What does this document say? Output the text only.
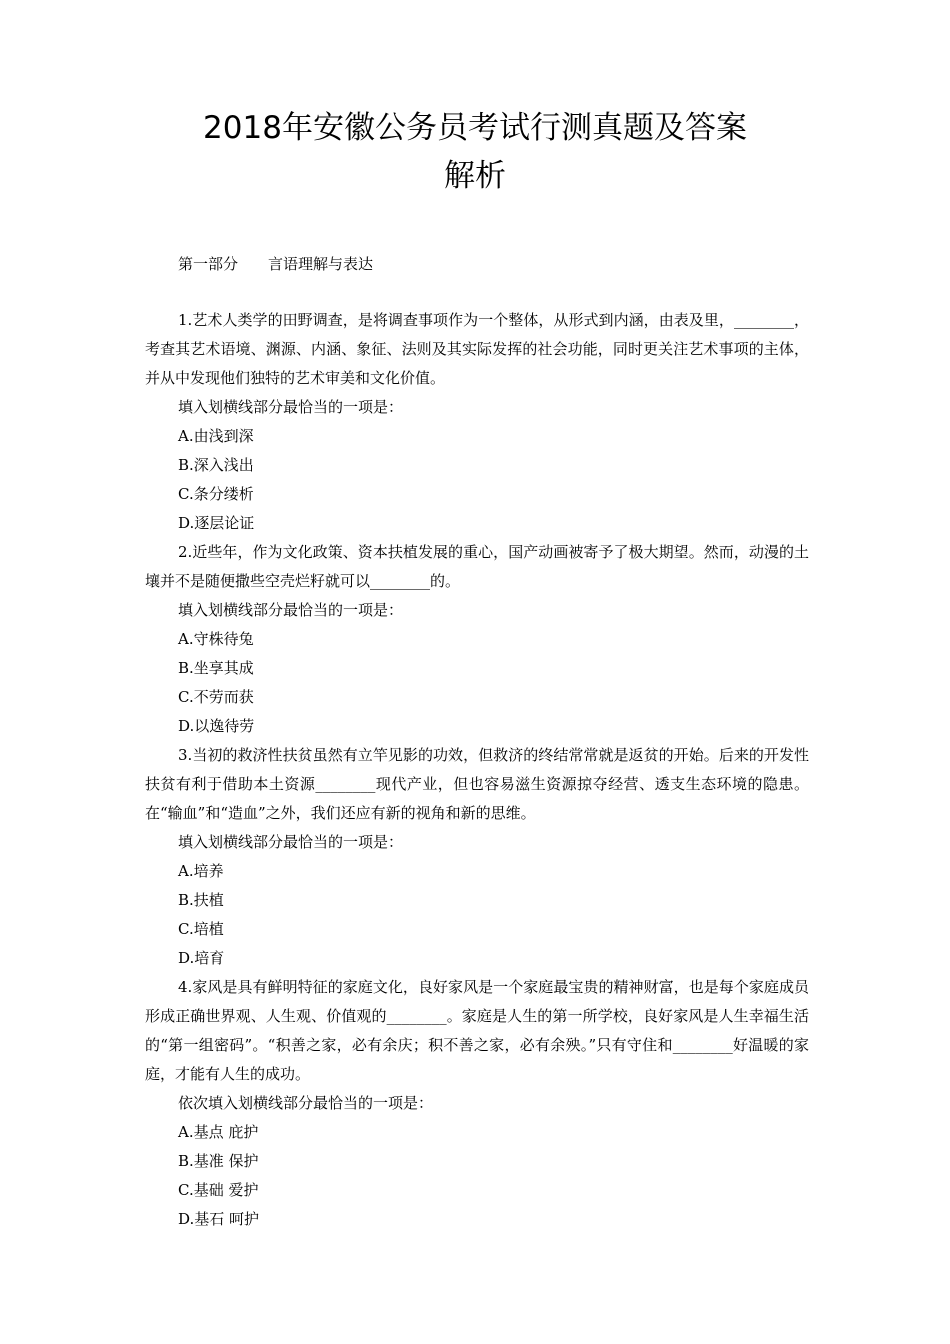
2018年安徽公务员考试行测真题及答案
解析
第一部分　　言语理解与表达

1.艺术人类学的田野调查，是将调查事项作为一个整体，从形式到内涵，由表及里，________，考查其艺术语境、渊源、内涵、象征、法则及其实际发挥的社会功能，同时更关注艺术事项的主体，并从中发现他们独特的艺术审美和文化价值。

填入划横线部分最恰当的一项是：

A.由浅到深

B.深入浅出

C.条分缕析

D.逐层论证

2.近些年，作为文化政策、资本扶植发展的重心，国产动画被寄予了极大期望。然而，动漫的土壤并不是随便撒些空壳烂籽就可以________的。

填入划横线部分最恰当的一项是：

A.守株待兔

B.坐享其成

C.不劳而获

D.以逸待劳

3.当初的救济性扶贫虽然有立竿见影的功效，但救济的终结常常就是返贫的开始。后来的开发性扶贫有利于借助本土资源________现代产业，但也容易滋生资源掠夺经营、透支生态环境的隐患。在“输血”和“造血”之外，我们还应有新的视角和新的思维。

填入划横线部分最恰当的一项是：

A.培养

B.扶植

C.培植

D.培育

4.家风是具有鲜明特征的家庭文化，良好家风是一个家庭最宝贵的精神财富，也是每个家庭成员形成正确世界观、人生观、价值观的________。家庭是人生的第一所学校，良好家风是人生幸福生活的“第一组密码”。“积善之家，必有余庆；积不善之家，必有余殃。”只有守住和________好温暖的家庭，才能有人生的成功。

依次填入划横线部分最恰当的一项是：

A.基点 庇护

B.基准 保护

C.基础 爱护

D.基石 呵护
